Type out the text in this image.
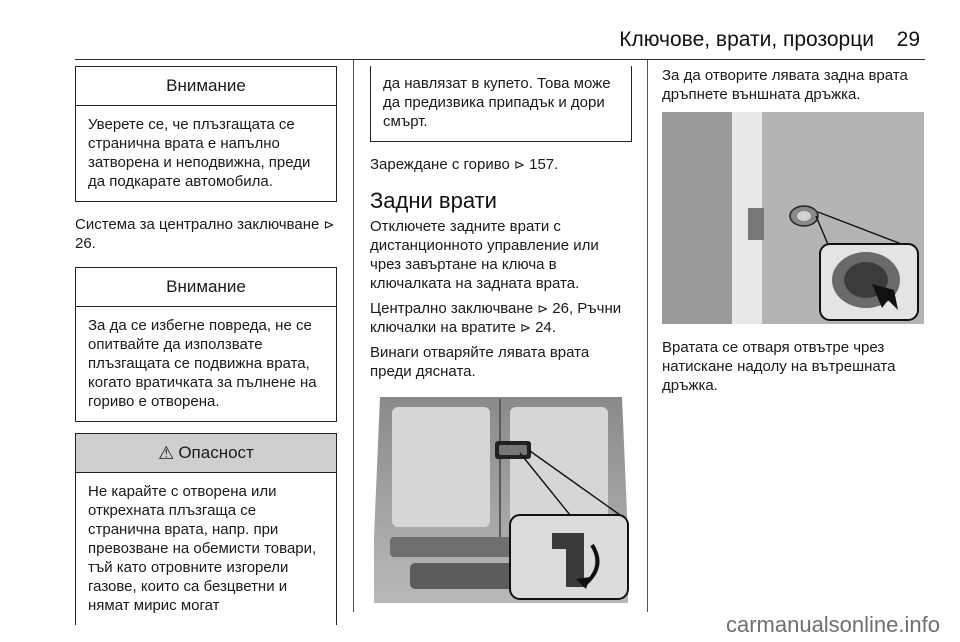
Ключове, врати, прозорци 29
Внимание
Уверете се, че плъзгащата се странична врата е напълно затворена и неподвижна, преди да подкарате автомобила.

Система за централно заключване ⊳ 26.

Внимание
За да се избегне повреда, не се опитвайте да използвате плъзгащата се подвижна врата, когато вратичката за пълнене на гориво е отворена.
⚠ Опасност
Не карайте с отворена или открехната плъзгаща се странична врата, напр. при превозване на обемисти товари, тъй като отровните изгорели газове, които са безцветни и нямат мирис могат
да навлязат в купето. Това може да предизвика припадък и дори смърт.

Зареждане с гориво ⊳ 157.

Задни врати

Отключете задните врати с дистанционното управление или чрез завъртане на ключа в ключалката на задната врата.

Централно заключване ⊳ 26, Ръчни ключалки на вратите ⊳ 24.

Винаги отваряйте лявата врата преди дясната.

За да отворите лявата задна врата дръпнете външната дръжка.

Вратата се отваря отвътре чрез натискане надолу на вътрешната дръжка.

carmanualsonline.info
